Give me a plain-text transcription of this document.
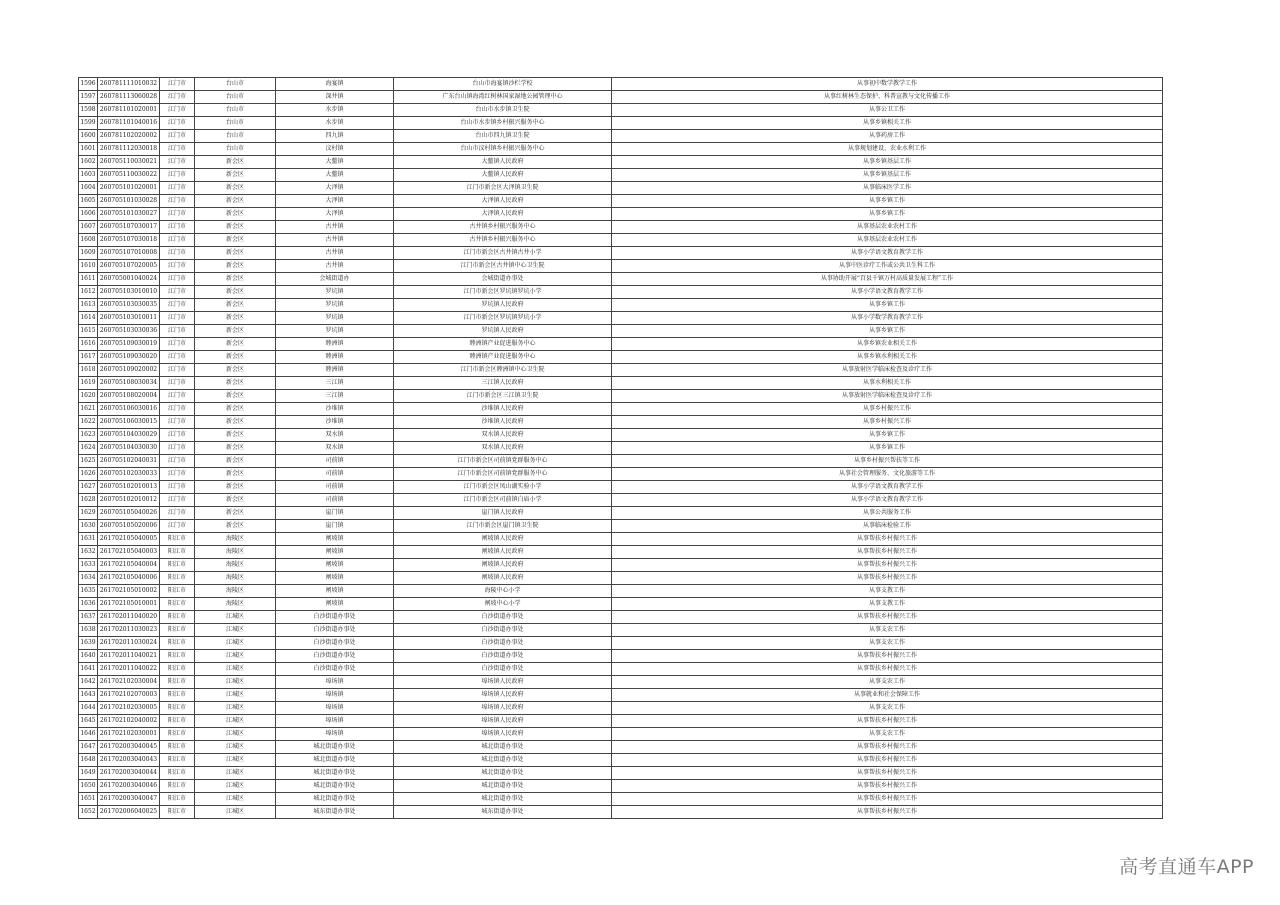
1596	260781111010032	江门市	台山市	海宴镇	台山市海宴镇沙栏学校	从事初中数学教学工作
1597	260781113060028	江门市	台山市	深井镇	广东台山镇海湾红树林国家湿地公园管理中心	从事红树林生态保护、科普宣教与文化传播工作
1598	260781101020001	江门市	台山市	水步镇	台山市水步镇卫生院	从事公卫工作
1599	260781101040016	江门市	台山市	水步镇	台山市水步镇乡村振兴服务中心	从事乡镇相关工作
1600	260781102020002	江门市	台山市	四九镇	台山市四九镇卫生院	从事药房工作
1601	260781112030018	江门市	台山市	汶村镇	台山市汶村镇乡村振兴服务中心	从事规划建设、农业水利工作
1602	260705110030021	江门市	新会区	大鳌镇	大鳌镇人民政府	从事乡镇基层工作
1603	260705110030022	江门市	新会区	大鳌镇	大鳌镇人民政府	从事乡镇基层工作
1604	260705101020001	江门市	新会区	大泽镇	江门市新会区大泽镇卫生院	从事临床医学工作
1605	260705101030028	江门市	新会区	大泽镇	大泽镇人民政府	从事乡镇工作
1606	260705101030027	江门市	新会区	大泽镇	大泽镇人民政府	从事乡镇工作
1607	260705107030017	江门市	新会区	古井镇	古井镇乡村振兴服务中心	从事基层农业农村工作
1608	260705107030018	江门市	新会区	古井镇	古井镇乡村振兴服务中心	从事基层农业农村工作
1609	260705107010008	江门市	新会区	古井镇	江门市新会区古井镇古井小学	从事小学语文教育教学工作
1610	260705107020005	江门市	新会区	古井镇	江门市新会区古井镇中心卫生院	从事中医诊疗工作或公共卫生科工作
1611	260705001040024	江门市	新会区	会城街道办	会城街道办事处	从事协助开展“百县千镇万村高质量发展工程”工作
1612	260705103010010	江门市	新会区	罗坑镇	江门市新会区罗坑镇罗坑小学	从事小学语文教育教学工作
1613	260705103030035	江门市	新会区	罗坑镇	罗坑镇人民政府	从事乡镇工作
1614	260705103010011	江门市	新会区	罗坑镇	江门市新会区罗坑镇罗坑小学	从事小学数学教育教学工作
1615	260705103030036	江门市	新会区	罗坑镇	罗坑镇人民政府	从事乡镇工作
1616	260705109030019	江门市	新会区	睦洲镇	睦洲镇产业促进服务中心	从事乡镇农业相关工作
1617	260705109030020	江门市	新会区	睦洲镇	睦洲镇产业促进服务中心	从事乡镇水利相关工作
1618	260705109020002	江门市	新会区	睦洲镇	江门市新会区睦洲镇中心卫生院	从事放射医学临床检查及诊疗工作
1619	260705108030034	江门市	新会区	三江镇	三江镇人民政府	从事水利相关工作
1620	260705108020004	江门市	新会区	三江镇	江门市新会区三江镇卫生院	从事放射医学临床检查及诊疗工作
1621	260705106030016	江门市	新会区	沙堆镇	沙堆镇人民政府	从事乡村振兴工作
1622	260705106030015	江门市	新会区	沙堆镇	沙堆镇人民政府	从事乡村振兴工作
1623	260705104030029	江门市	新会区	双水镇	双水镇人民政府	从事乡镇工作
1624	260705104030030	江门市	新会区	双水镇	双水镇人民政府	从事乡镇工作
1625	260705102040031	江门市	新会区	司前镇	江门市新会区司前镇党群服务中心	从事乡村振兴帮扶等工作
1626	260705102030033	江门市	新会区	司前镇	江门市新会区司前镇党群服务中心	从事社会管理服务、文化旅游等工作
1627	260705102010013	江门市	新会区	司前镇	江门市新会区凤山湖实验小学	从事小学语文教育教学工作
1628	260705102010012	江门市	新会区	司前镇	江门市新会区司前镇白庙小学	从事小学语文教育教学工作
1629	260705105040026	江门市	新会区	崖门镇	崖门镇人民政府	从事公共服务工作
1630	260705105020006	江门市	新会区	崖门镇	江门市新会区崖门镇卫生院	从事临床检验工作
1631	261702105040005	阳江市	海陵区	闸坡镇	闸坡镇人民政府	从事帮扶乡村振兴工作
1632	261702105040003	阳江市	海陵区	闸坡镇	闸坡镇人民政府	从事帮扶乡村振兴工作
1633	261702105040004	阳江市	海陵区	闸坡镇	闸坡镇人民政府	从事帮扶乡村振兴工作
1634	261702105040006	阳江市	海陵区	闸坡镇	闸坡镇人民政府	从事帮扶乡村振兴工作
1635	261702105010002	阳江市	海陵区	闸坡镇	海陵中心小学	从事支教工作
1636	261702105010001	阳江市	海陵区	闸坡镇	闸坡中心小学	从事支教工作
1637	261702011040020	阳江市	江城区	白沙街道办事处	白沙街道办事处	从事帮扶乡村振兴工作
1638	261702011030023	阳江市	江城区	白沙街道办事处	白沙街道办事处	从事支农工作
1639	261702011030024	阳江市	江城区	白沙街道办事处	白沙街道办事处	从事支农工作
1640	261702011040021	阳江市	江城区	白沙街道办事处	白沙街道办事处	从事帮扶乡村振兴工作
1641	261702011040022	阳江市	江城区	白沙街道办事处	白沙街道办事处	从事帮扶乡村振兴工作
1642	261702102030004	阳江市	江城区	埠场镇	埠场镇人民政府	从事支农工作
1643	261702102070003	阳江市	江城区	埠场镇	埠场镇人民政府	从事就业和社会保障工作
1644	261702102030005	阳江市	江城区	埠场镇	埠场镇人民政府	从事支农工作
1645	261702102040002	阳江市	江城区	埠场镇	埠场镇人民政府	从事帮扶乡村振兴工作
1646	261702102030001	阳江市	江城区	埠场镇	埠场镇人民政府	从事支农工作
1647	261702003040045	阳江市	江城区	城北街道办事处	城北街道办事处	从事帮扶乡村振兴工作
1648	261702003040043	阳江市	江城区	城北街道办事处	城北街道办事处	从事帮扶乡村振兴工作
1649	261702003040044	阳江市	江城区	城北街道办事处	城北街道办事处	从事帮扶乡村振兴工作
1650	261702003040046	阳江市	江城区	城北街道办事处	城北街道办事处	从事帮扶乡村振兴工作
1651	261702003040047	阳江市	江城区	城北街道办事处	城北街道办事处	从事帮扶乡村振兴工作
1652	261702006040025	阳江市	江城区	城东街道办事处	城东街道办事处	从事帮扶乡村振兴工作
高考直通车APP
